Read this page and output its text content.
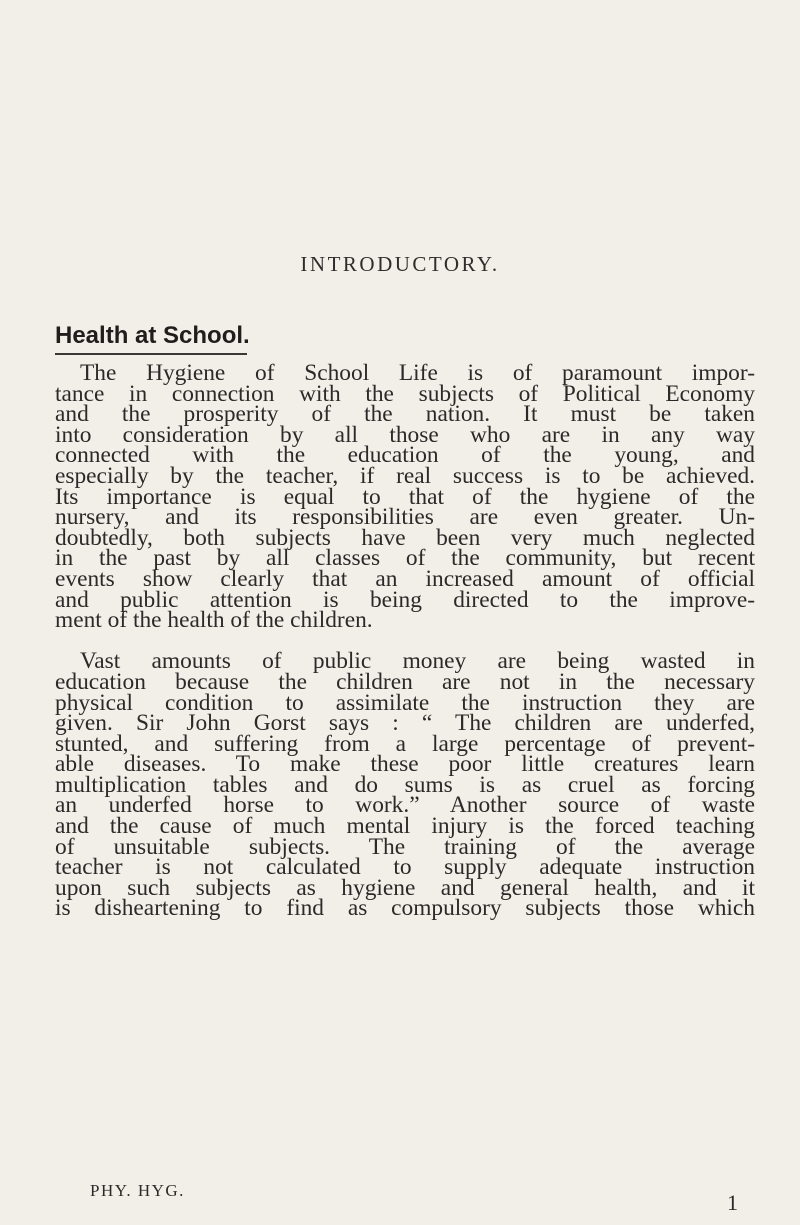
INTRODUCTORY.
Health at School.
The Hygiene of School Life is of paramount impor-
tance in connection with the subjects of Political Economy
and the prosperity of the nation. It must be taken
into consideration by all those who are in any way
connected with the education of the young, and
especially by the teacher, if real success is to be achieved.
Its importance is equal to that of the hygiene of the
nursery, and its responsibilities are even greater. Un-
doubtedly, both subjects have been very much neglected
in the past by all classes of the community, but recent
events show clearly that an increased amount of official
and public attention is being directed to the improve-
ment of the health of the children.
Vast amounts of public money are being wasted in
education because the children are not in the necessary
physical condition to assimilate the instruction they are
given. Sir John Gorst says : “ The children are underfed,
stunted, and suffering from a large percentage of prevent-
able diseases. To make these poor little creatures learn
multiplication tables and do sums is as cruel as forcing
an underfed horse to work.” Another source of waste
and the cause of much mental injury is the forced teaching
of unsuitable subjects. The training of the average
teacher is not calculated to supply adequate instruction
upon such subjects as hygiene and general health, and it
is disheartening to find as compulsory subjects those which
PHY. HYG.	1
